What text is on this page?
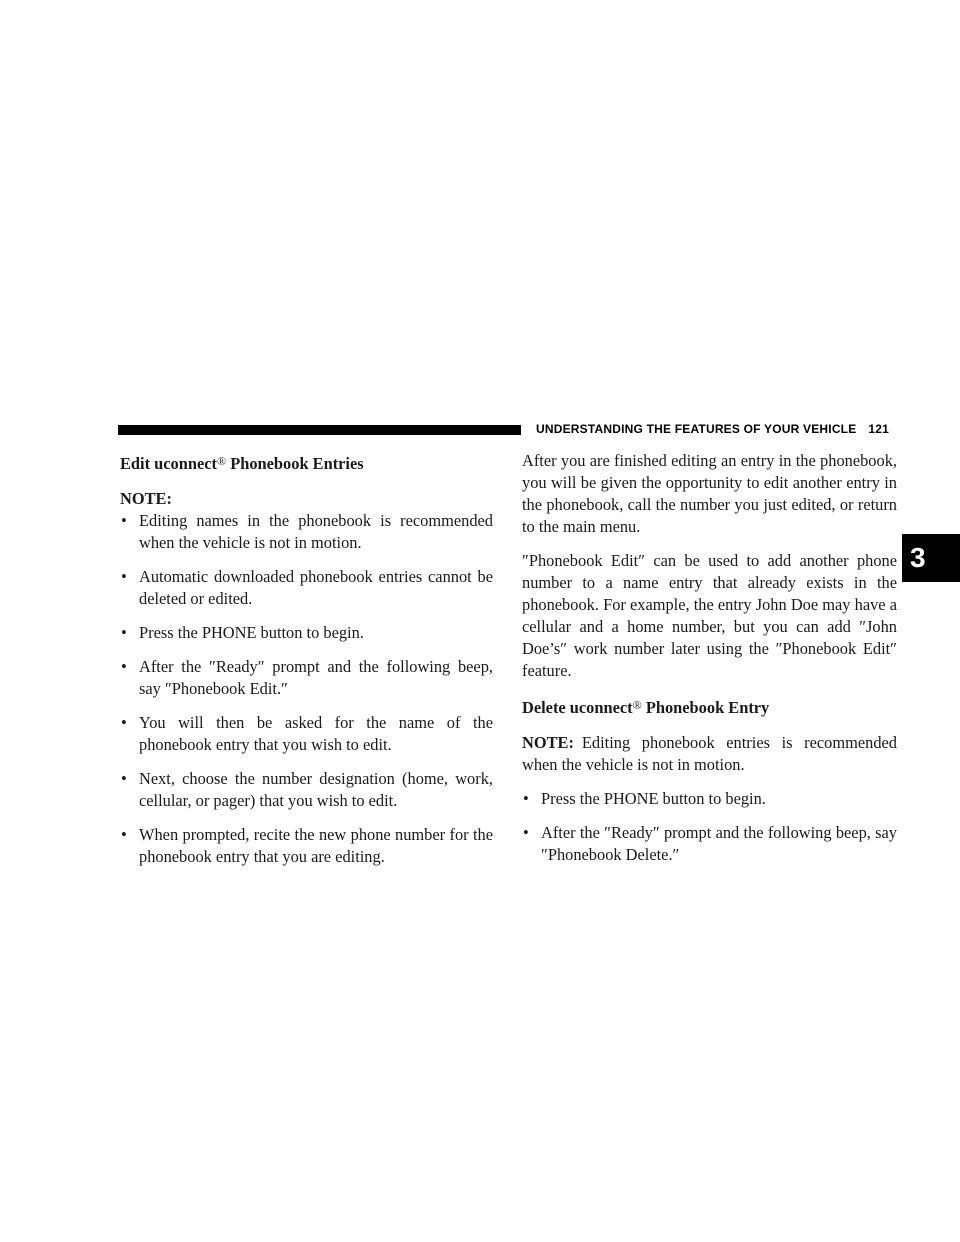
UNDERSTANDING THE FEATURES OF YOUR VEHICLE 121
3
Edit uconnect® Phonebook Entries
NOTE:
• Editing names in the phonebook is recommended when the vehicle is not in motion.
• Automatic downloaded phonebook entries cannot be deleted or edited.
• Press the PHONE button to begin.
• After the ″Ready″ prompt and the following beep, say ″Phonebook Edit.″
• You will then be asked for the name of the phonebook entry that you wish to edit.
• Next, choose the number designation (home, work, cellular, or pager) that you wish to edit.
• When prompted, recite the new phone number for the phonebook entry that you are editing.

After you are finished editing an entry in the phonebook, you will be given the opportunity to edit another entry in the phonebook, call the number you just edited, or return to the main menu.

″Phonebook Edit″ can be used to add another phone number to a name entry that already exists in the phonebook. For example, the entry John Doe may have a cellular and a home number, but you can add ″John Doe’s″ work number later using the ″Phonebook Edit″ feature.

Delete uconnect® Phonebook Entry

NOTE: Editing phonebook entries is recommended when the vehicle is not in motion.

• Press the PHONE button to begin.
• After the ″Ready″ prompt and the following beep, say ″Phonebook Delete.″
